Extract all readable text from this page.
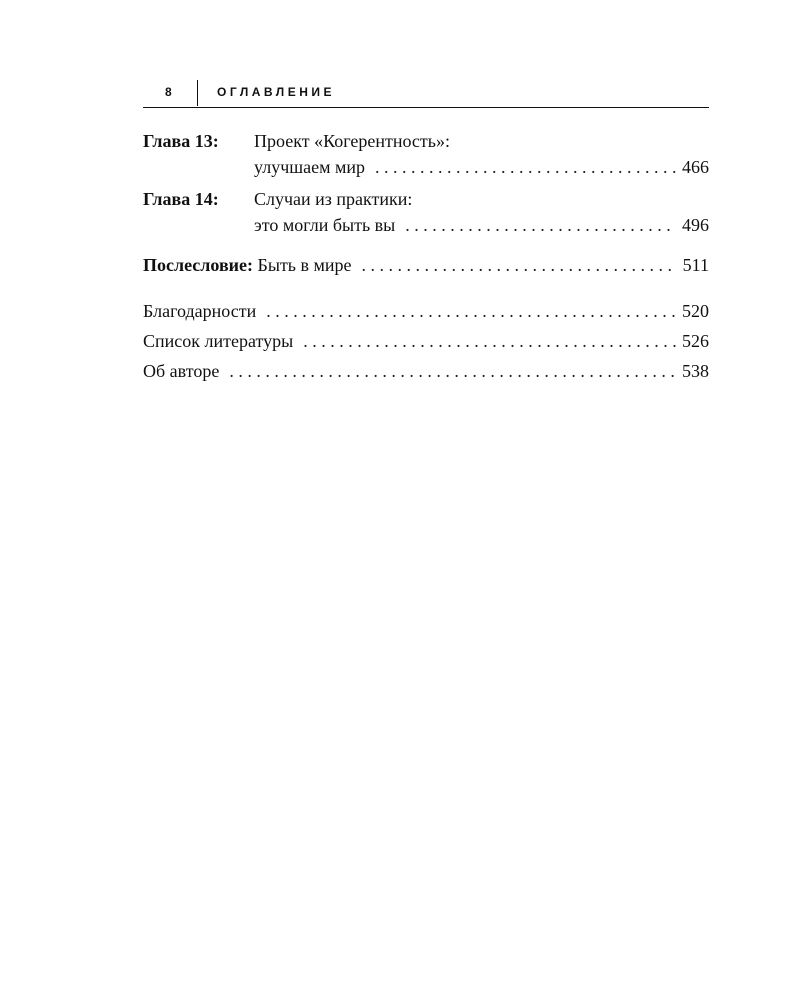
8	ОГЛАВЛЕНИЕ
Глава 13:	Проект «Когерентность»:
улучшаем мир . . .	466
Глава 14:	Случаи из практики:
это могли быть вы . . .	496
Послесловие: Быть в мире . . .	511
Благодарности . . .	520
Список литературы . . .	526
Об авторе . . .	538
